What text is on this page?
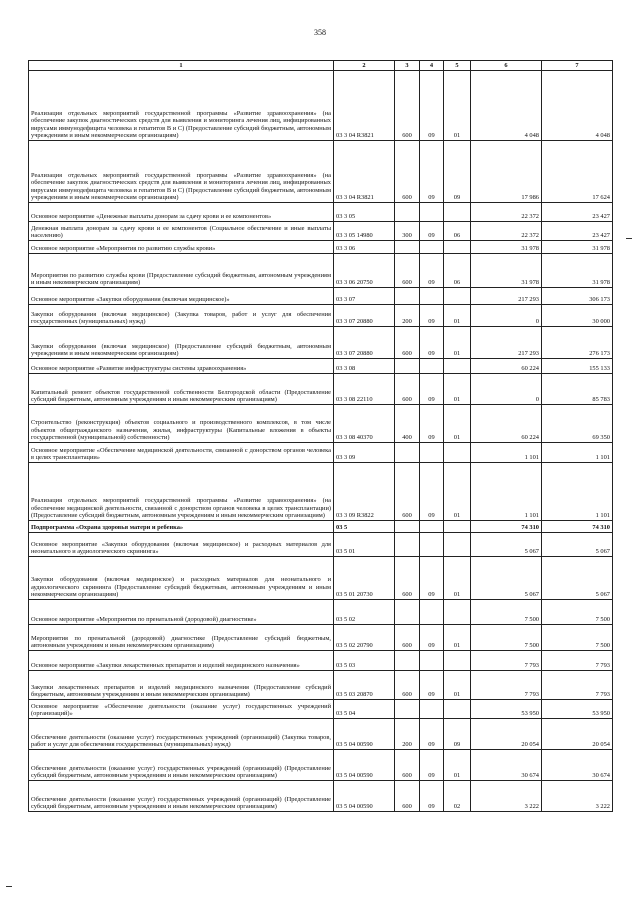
358
1	2	3	4	5	6	7
Реализация отдельных мероприятий государственной программы «Развитие здравоохранения» (на обеспечение закупок диагностических средств для выявления и мониторинга лечения лиц, инфицированных вирусами иммунодефицита человека и гепатитов В и С) (Предоставление субсидий бюджетным, автономным учреждениям и иным некоммерческим организациям)	03 3 04 R3821	600	09	01	4 048	4 048
Реализация отдельных мероприятий государственной программы «Развитие здравоохранения» (на обеспечение закупок диагностических средств для выявления и мониторинга лечения лиц, инфицированных вирусами иммунодефицита человека и гепатитов В и С) (Предоставление субсидий бюджетным, автономным учреждениям и иным некоммерческим организациям)	03 3 04 R3821	600	09	09	17 986	17 624
Основное мероприятие «Денежные выплаты донорам за сдачу крови и ее компонентов»	03 3 05				22 372	23 427
Денежная выплата донорам за сдачу крови и ее компонентов (Социальное обеспечение и иные выплаты населению)	03 3 05 14980	300	09	06	22 372	23 427
Основное мероприятие «Мероприятия по развитию службы крови»	03 3 06				31 978	31 978
Мероприятия по развитию службы крови (Предоставление субсидий бюджетным, автономным учреждениям и иным некоммерческим организациям)	03 3 06 20750	600	09	06	31 978	31 978
Основное мероприятие «Закупки оборудования (включая медицинское)»	03 3 07				217 293	306 173
Закупки оборудования (включая медицинское) (Закупка товаров, работ и услуг для обеспечения государственных (муниципальных) нужд)	03 3 07 20880	200	09	01	0	30 000
Закупки оборудования (включая медицинское) (Предоставление субсидий бюджетным, автономным учреждениям и иным некоммерческим организациям)	03 3 07 20880	600	09	01	217 293	276 173
Основное мероприятие «Развитие инфраструктуры системы здравоохранения»	03 3 08				60 224	155 133
Капитальный ремонт объектов государственной собственности Белгородской области (Предоставление субсидий бюджетным, автономным учреждениям и иным некоммерческим организациям)	03 3 08 22110	600	09	01	0	85 783
Строительство (реконструкция) объектов социального и производственного комплексов, в том числе объектов общегражданского назначения, жилья, инфраструктуры (Капитальные вложения в объекты государственной (муниципальной) собственности)	03 3 08 40370	400	09	01	60 224	69 350
Основное мероприятие «Обеспечение медицинской деятельности, связанной с донорством органов человека в целях трансплантации»	03 3 09				1 101	1 101
Реализация отдельных мероприятий государственной программы «Развитие здравоохранения» (на обеспечение медицинской деятельности, связанной с донорством органов человека в целях трансплантации) (Предоставление субсидий бюджетным, автономным учреждениям и иным некоммерческим организациям)	03 3 09 R3822	600	09	01	1 101	1 101
Подпрограмма «Охрана здоровья матери и ребенка»	03 5				74 310	74 310
Основное мероприятие «Закупки оборудования (включая медицинское) и расходных материалов для неонатального и аудиологического скрининга»	03 5 01				5 067	5 067
Закупки оборудования (включая медицинское) и расходных материалов для неонатального и аудиологического скрининга (Предоставление субсидий бюджетным, автономным учреждениям и иным некоммерческим организациям)	03 5 01 20730	600	09	01	5 067	5 067
Основное мероприятие «Мероприятия по пренатальной (дородовой) диагностике»	03 5 02				7 500	7 500
Мероприятия по пренатальной (дородовой) диагностике (Предоставление субсидий бюджетным, автономным учреждениям и иным некоммерческим организациям)	03 5 02 20790	600	09	01	7 500	7 500
Основное мероприятие «Закупки лекарственных препаратов и изделий медицинского назначения»	03 5 03				7 793	7 793
Закупки лекарственных препаратов и изделий медицинского назначения (Предоставление субсидий бюджетным, автономным учреждениям и иным некоммерческим организациям)	03 5 03 20870	600	09	01	7 793	7 793
Основное мероприятие «Обеспечение деятельности (оказание услуг) государственных учреждений (организаций)»	03 5 04				53 950	53 950
Обеспечение деятельности (оказание услуг) государственных учреждений (организаций) (Закупка товаров, работ и услуг для обеспечения государственных (муниципальных) нужд)	03 5 04 00590	200	09	09	20 054	20 054
Обеспечение деятельности (оказание услуг) государственных учреждений (организаций) (Предоставление субсидий бюджетным, автономным учреждениям и иным некоммерческим организациям)	03 5 04 00590	600	09	01	30 674	30 674
Обеспечение деятельности (оказание услуг) государственных учреждений (организаций) (Предоставление субсидий бюджетным, автономным учреждениям и иным некоммерческим организациям)	03 5 04 00590	600	09	02	3 222	3 222
